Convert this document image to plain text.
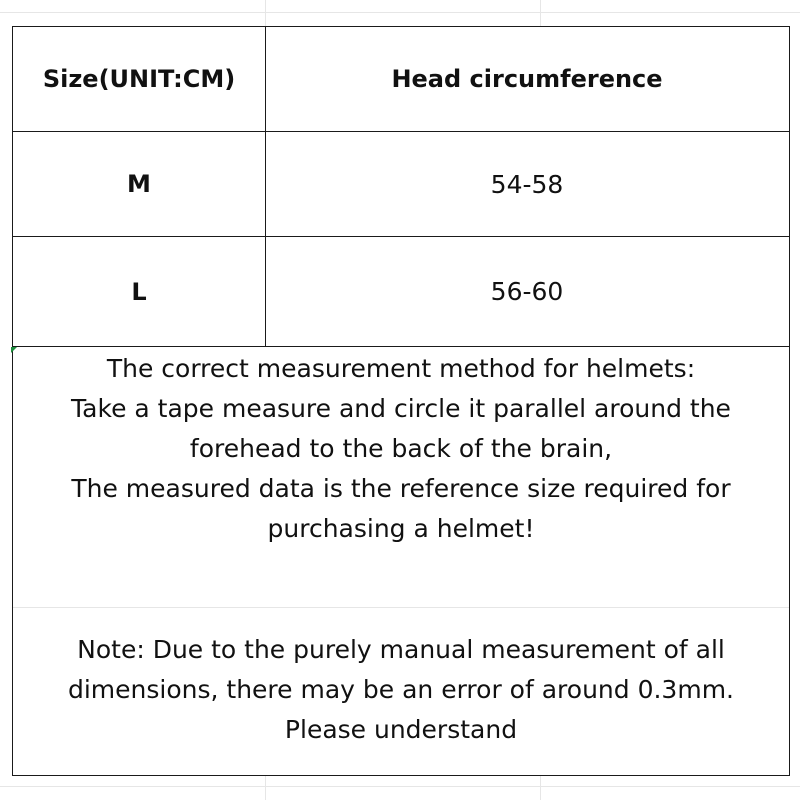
Size(UNIT:CM)	Head circumference
M	54-58
L	56-60
The correct measurement method for helmets:
Take a tape measure and circle it parallel around the
forehead to the back of the brain,
The measured data is the reference size required for
purchasing a helmet!
Note: Due to the purely manual measurement of all
dimensions, there may be an error of around 0.3mm.
Please understand
